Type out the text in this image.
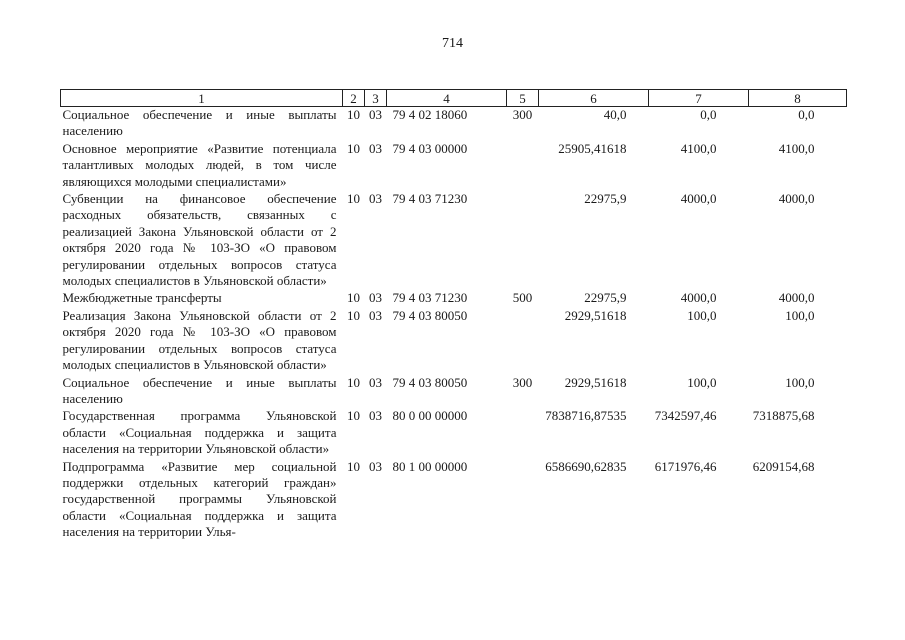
714
1	2	3	4	5	6	7	8
Социальное обеспечение и иные выплаты населению	10	03	79 4 02 18060	300	40,0	0,0	0,0
Основное мероприятие «Развитие потенциала талантливых молодых людей, в том числе являющихся молодыми специалистами»	10	03	79 4 03 00000		25905,41618	4100,0	4100,0
Субвенции на финансовое обеспечение расходных обязательств, связанных с реализацией Закона Ульяновской области от 2 октября 2020 года № 103-ЗО «О правовом регулировании отдельных вопросов статуса молодых специалистов в Ульяновской области»	10	03	79 4 03 71230		22975,9	4000,0	4000,0
Межбюджетные трансферты	10	03	79 4 03 71230	500	22975,9	4000,0	4000,0
Реализация Закона Ульяновской области от 2 октября 2020 года № 103-ЗО «О правовом регулировании отдельных вопросов статуса молодых специалистов в Ульяновской области»	10	03	79 4 03 80050		2929,51618	100,0	100,0
Социальное обеспечение и иные выплаты населению	10	03	79 4 03 80050	300	2929,51618	100,0	100,0
Государственная программа Ульяновской области «Социальная поддержка и защита населения на территории Ульяновской области»	10	03	80 0 00 00000		7838716,87535	7342597,46	7318875,68
Подпрограмма «Развитие мер социальной поддержки отдельных категорий граждан» государственной программы Ульяновской области «Социальная поддержка и защита населения на территории Улья-	10	03	80 1 00 00000		6586690,62835	6171976,46	6209154,68
